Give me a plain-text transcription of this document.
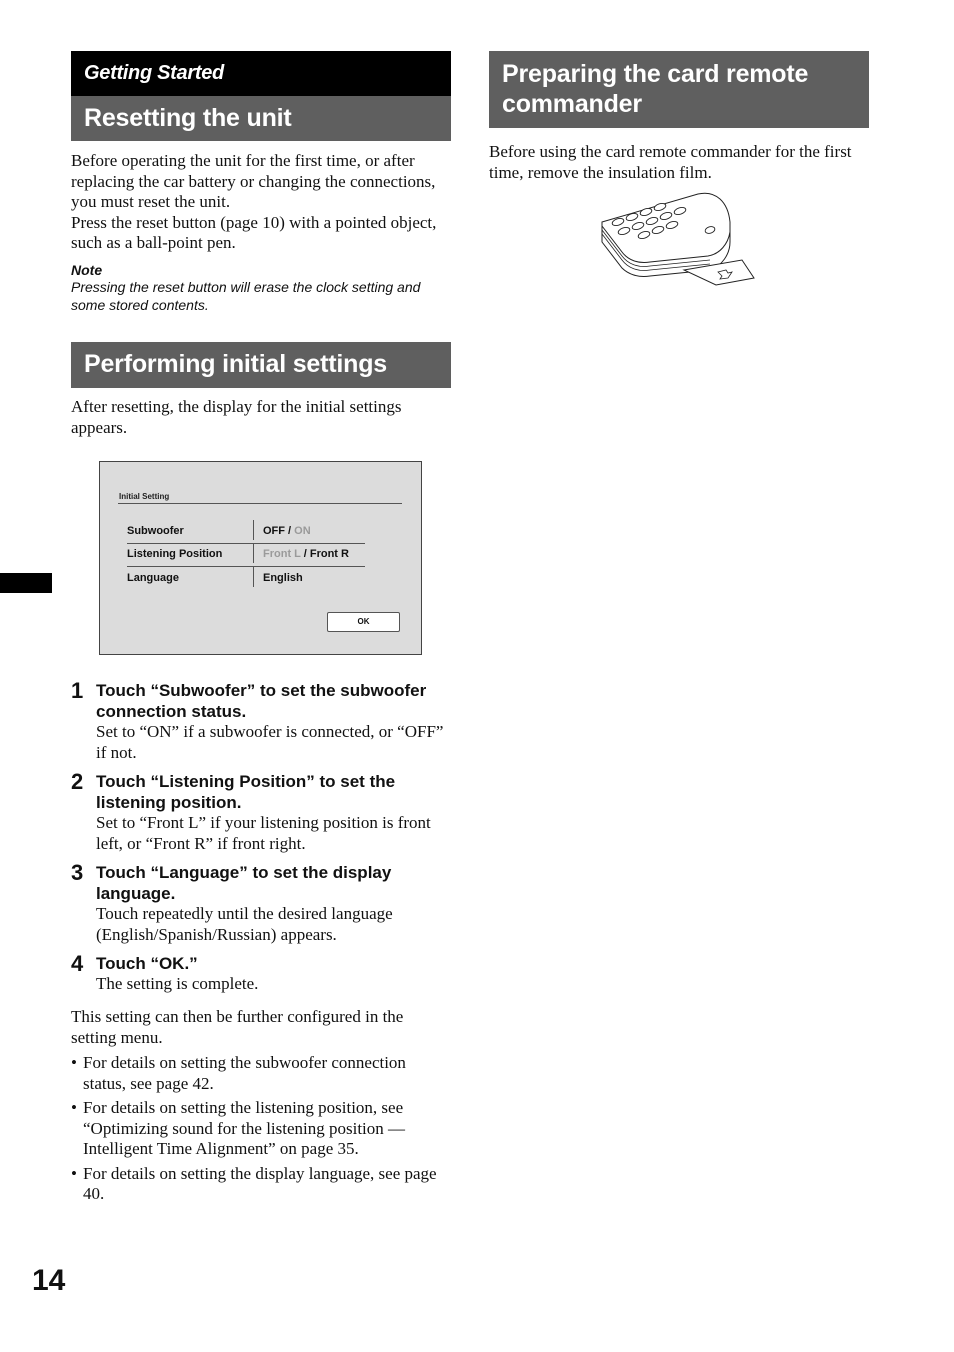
Getting Started
Resetting the unit

Before operating the unit for the first time, or after replacing the car battery or changing the connections, you must reset the unit.

Press the reset button (page 10) with a pointed object, such as a ball-point pen.

Note

Pressing the reset button will erase the clock setting and some stored contents.

Performing initial settings

After resetting, the display for the initial settings appears.

Initial Setting
Subwoofer	OFF / ON
Listening Position	Front L / Front R
Language	English
OK
1 Touch “Subwoofer” to set the subwoofer connection status.

Set to “ON” if a subwoofer is connected, or “OFF” if not.

2 Touch “Listening Position” to set the listening position.

Set to “Front L” if your listening position is front left, or “Front R” if front right.

3 Touch “Language” to set the display language.

Touch repeatedly until the desired language (English/Spanish/Russian) appears.

4 Touch “OK.”

The setting is complete.

This setting can then be further configured in the setting menu.

• For details on setting the subwoofer connection status, see page 42.
• For details on setting the listening position, see “Optimizing sound for the listening position — Intelligent Time Alignment” on page 35.
• For details on setting the display language, see page 40.
Preparing the card remote commander

Before using the card remote commander for the first time, remove the insulation film.

14
